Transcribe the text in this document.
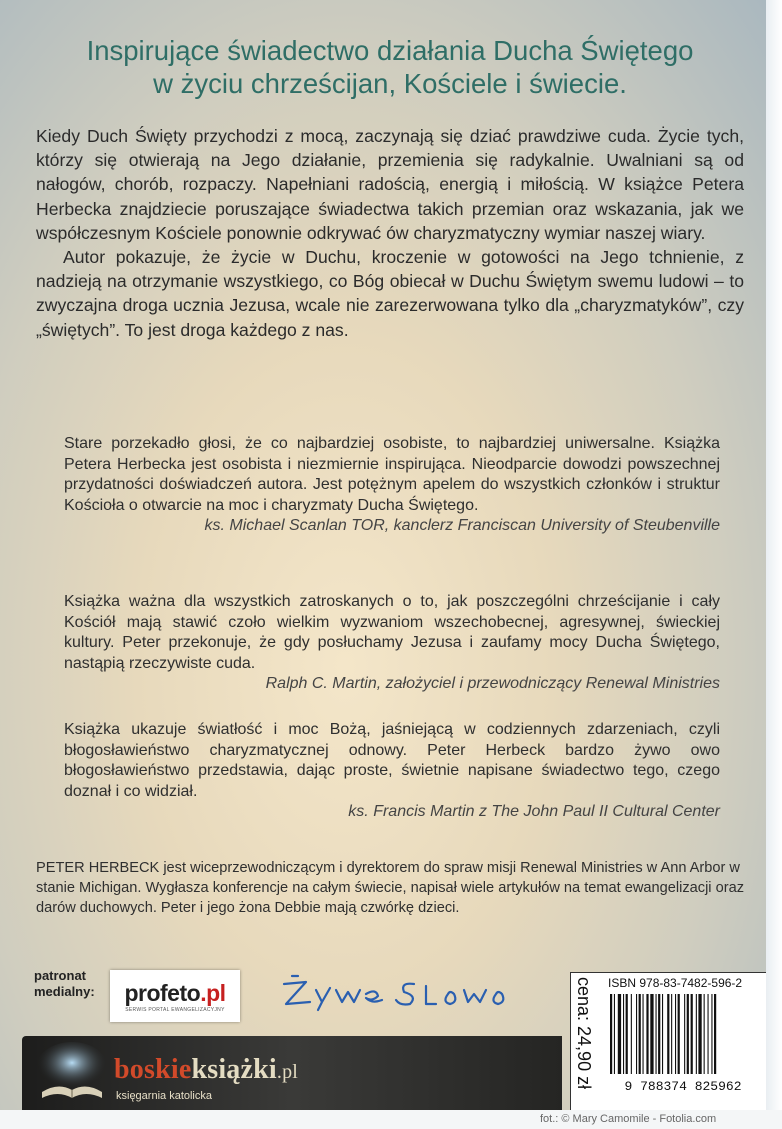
Inspirujące świadectwo działania Ducha Świętego
w życiu chrześcijan, Kościele i świecie.

Kiedy Duch Święty przychodzi z mocą, zaczynają się dziać prawdziwe cuda. Życie tych, którzy się otwierają na Jego działanie, przemienia się radykalnie. Uwalniani są od nałogów, chorób, rozpaczy. Napełniani radością, energią i miłością. W książce Petera Herbecka znajdziecie poruszające świadectwa takich przemian oraz wskazania, jak we współczesnym Kościele ponownie odkrywać ów charyzmatyczny wymiar naszej wiary.

Autor pokazuje, że życie w Duchu, kroczenie w gotowości na Jego tchnienie, z nadzieją na otrzymanie wszystkiego, co Bóg obiecał w Duchu Świętym swemu ludowi – to zwyczajna droga ucznia Jezusa, wcale nie zarezerwowana tylko dla „charyzmatyków”, czy „świętych”. To jest droga każdego z nas.

Stare porzekadło głosi, że co najbardziej osobiste, to najbardziej uniwersalne. Książka Petera Herbecka jest osobista i niezmiernie inspirująca. Nieodparcie dowodzi powszechnej przydatności doświadczeń autora. Jest potężnym apelem do wszystkich członków i struktur Kościoła o otwarcie na moc i charyzmaty Ducha Świętego.

ks. Michael Scanlan TOR, kanclerz Franciscan University of Steubenville

Książka ważna dla wszystkich zatroskanych o to, jak poszczególni chrześcijanie i cały Kościół mają stawić czoło wielkim wyzwaniom wszechobecnej, agresywnej, świeckiej kultury. Peter przekonuje, że gdy posłuchamy Jezusa i zaufamy mocy Ducha Świętego, nastąpią rzeczywiste cuda.

Ralph C. Martin, założyciel i przewodniczący Renewal Ministries

Książka ukazuje światłość i moc Bożą, jaśniejącą w codziennych zdarzeniach, czyli błogosławieństwo charyzmatycznej odnowy. Peter Herbeck bardzo żywo owo błogosławieństwo przedstawia, dając proste, świetnie napisane świadectwo tego, czego doznał i co widział.

ks. Francis Martin z The John Paul II Cultural Center

PETER HERBECK jest wiceprzewodniczącym i dyrektorem do spraw misji Renewal Ministries w Ann Arbor w stanie Michigan. Wygłasza konferencje na całym świecie, napisał wiele artykułów na temat ewangelizacji oraz darów duchowych. Peter i jego żona Debbie mają czwórkę dzieci.

patronat
medialny:	profeto.pl
SERWIS PORTAL EWANGELIZACYJNY
boskieksiążki.pl
księgarnia katolicka
cena: 24,90 zł ISBN 978-83-7482-596-2
9 788374 825962
fot.: © Mary Camomile - Fotolia.com
